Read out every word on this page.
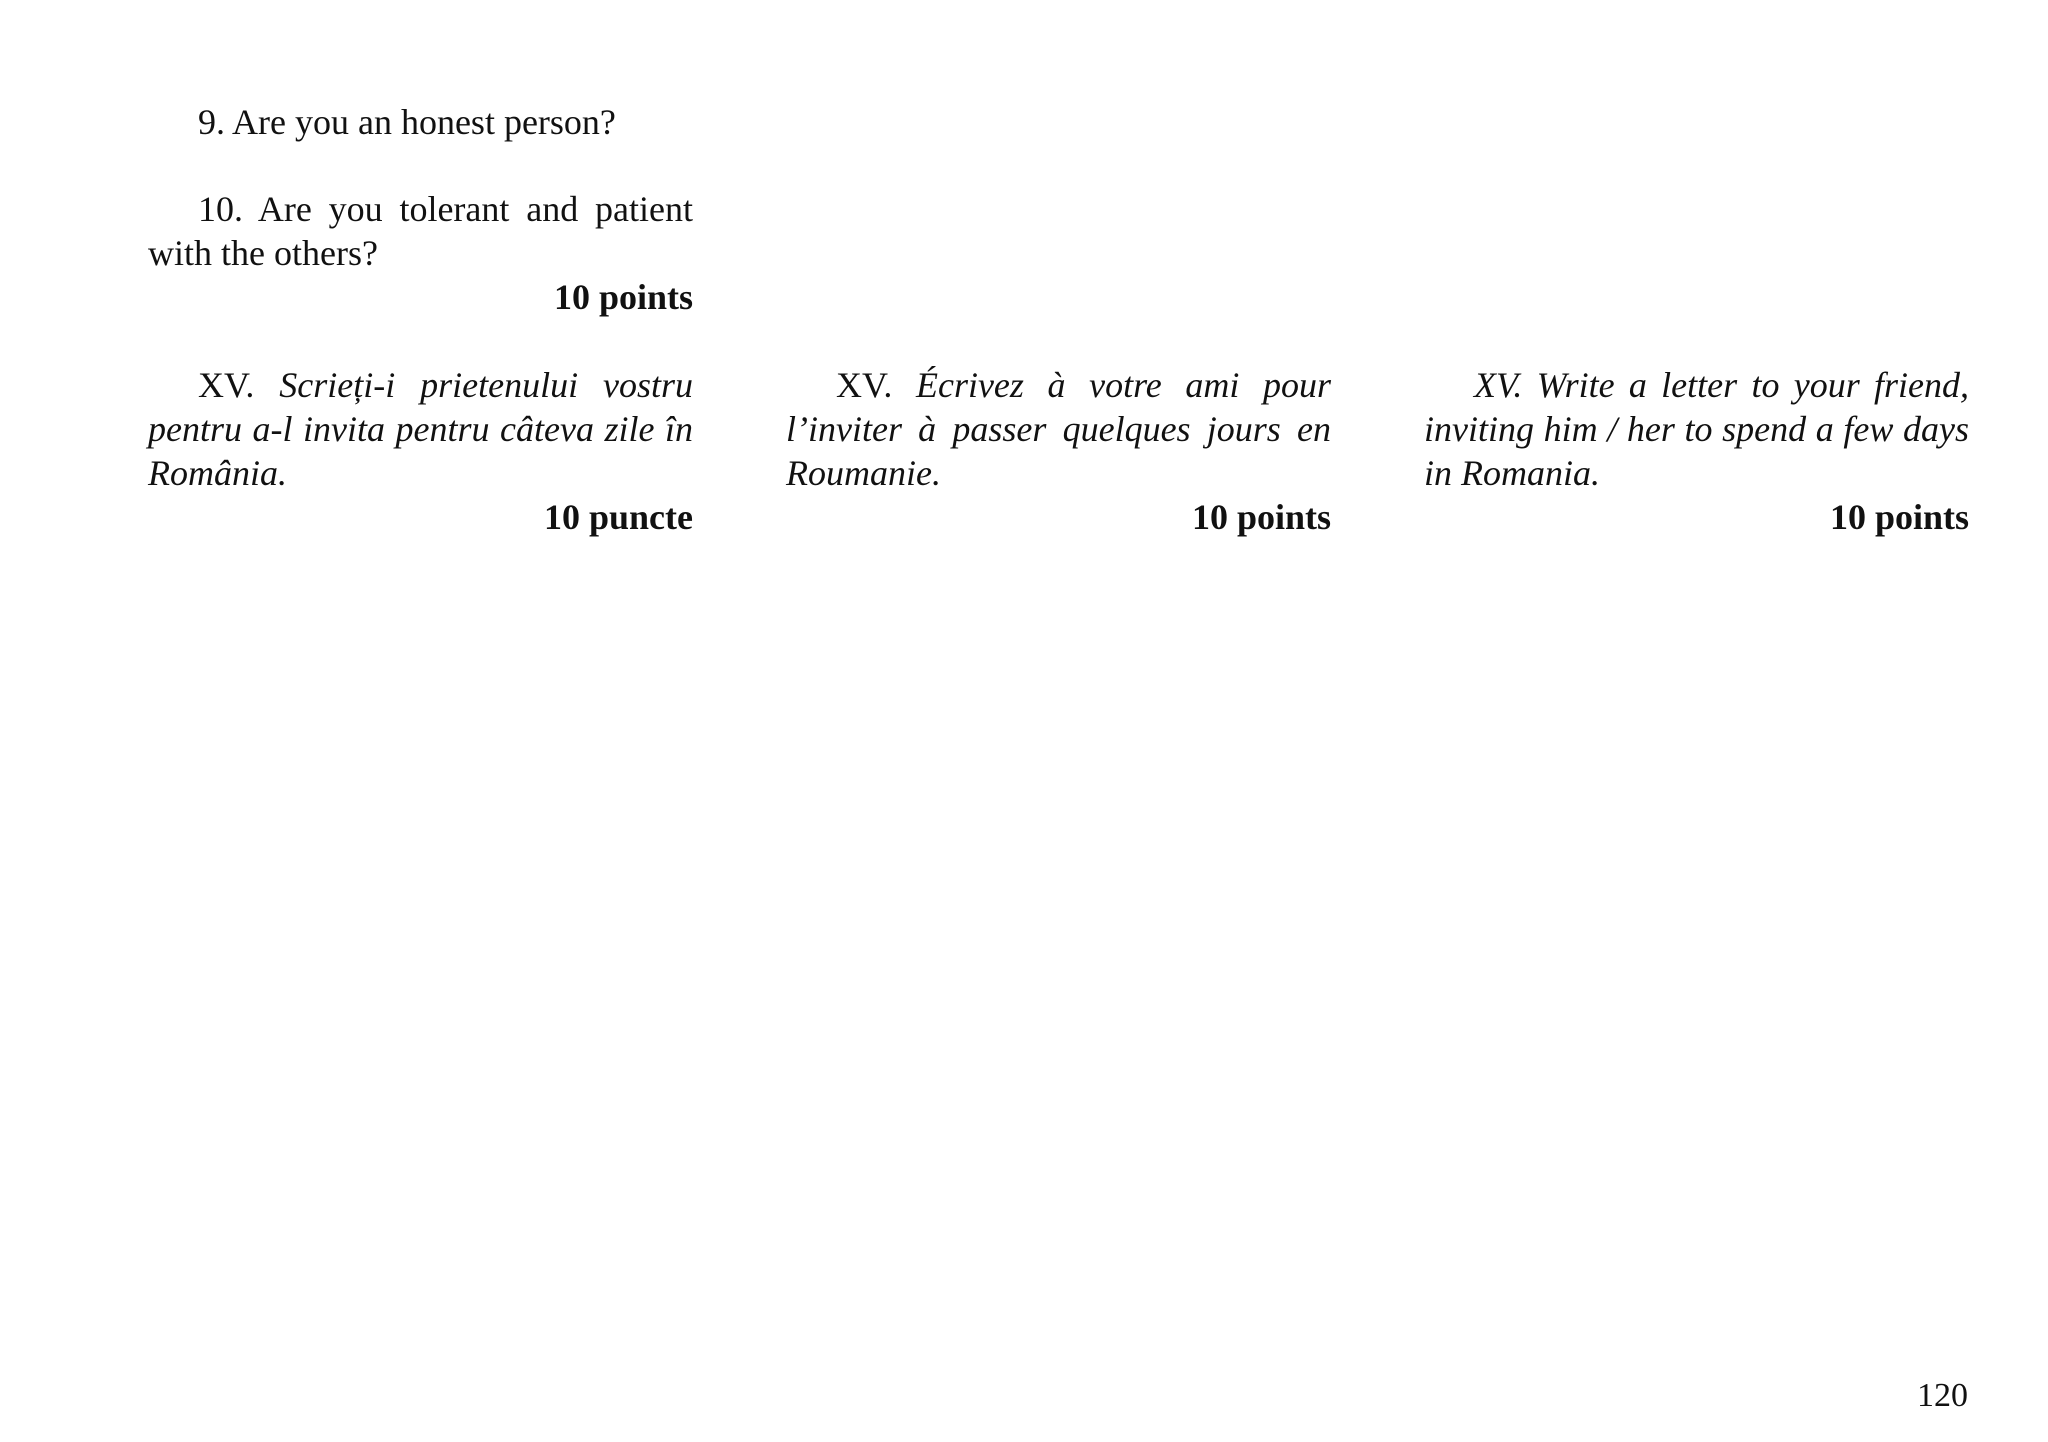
9. Are you an honest person?

10. Are you tolerant and patient with the others?

10 points

XV. Scrieți-i prietenului vostru pentru a-l invita pentru câteva zile în România.

10 puncte

XV. Écrivez à votre ami pour l’inviter à passer quelques jours en Roumanie.

10 points

XV. Write a letter to your friend, inviting him / her to spend a few days in Romania.

10 points

120
